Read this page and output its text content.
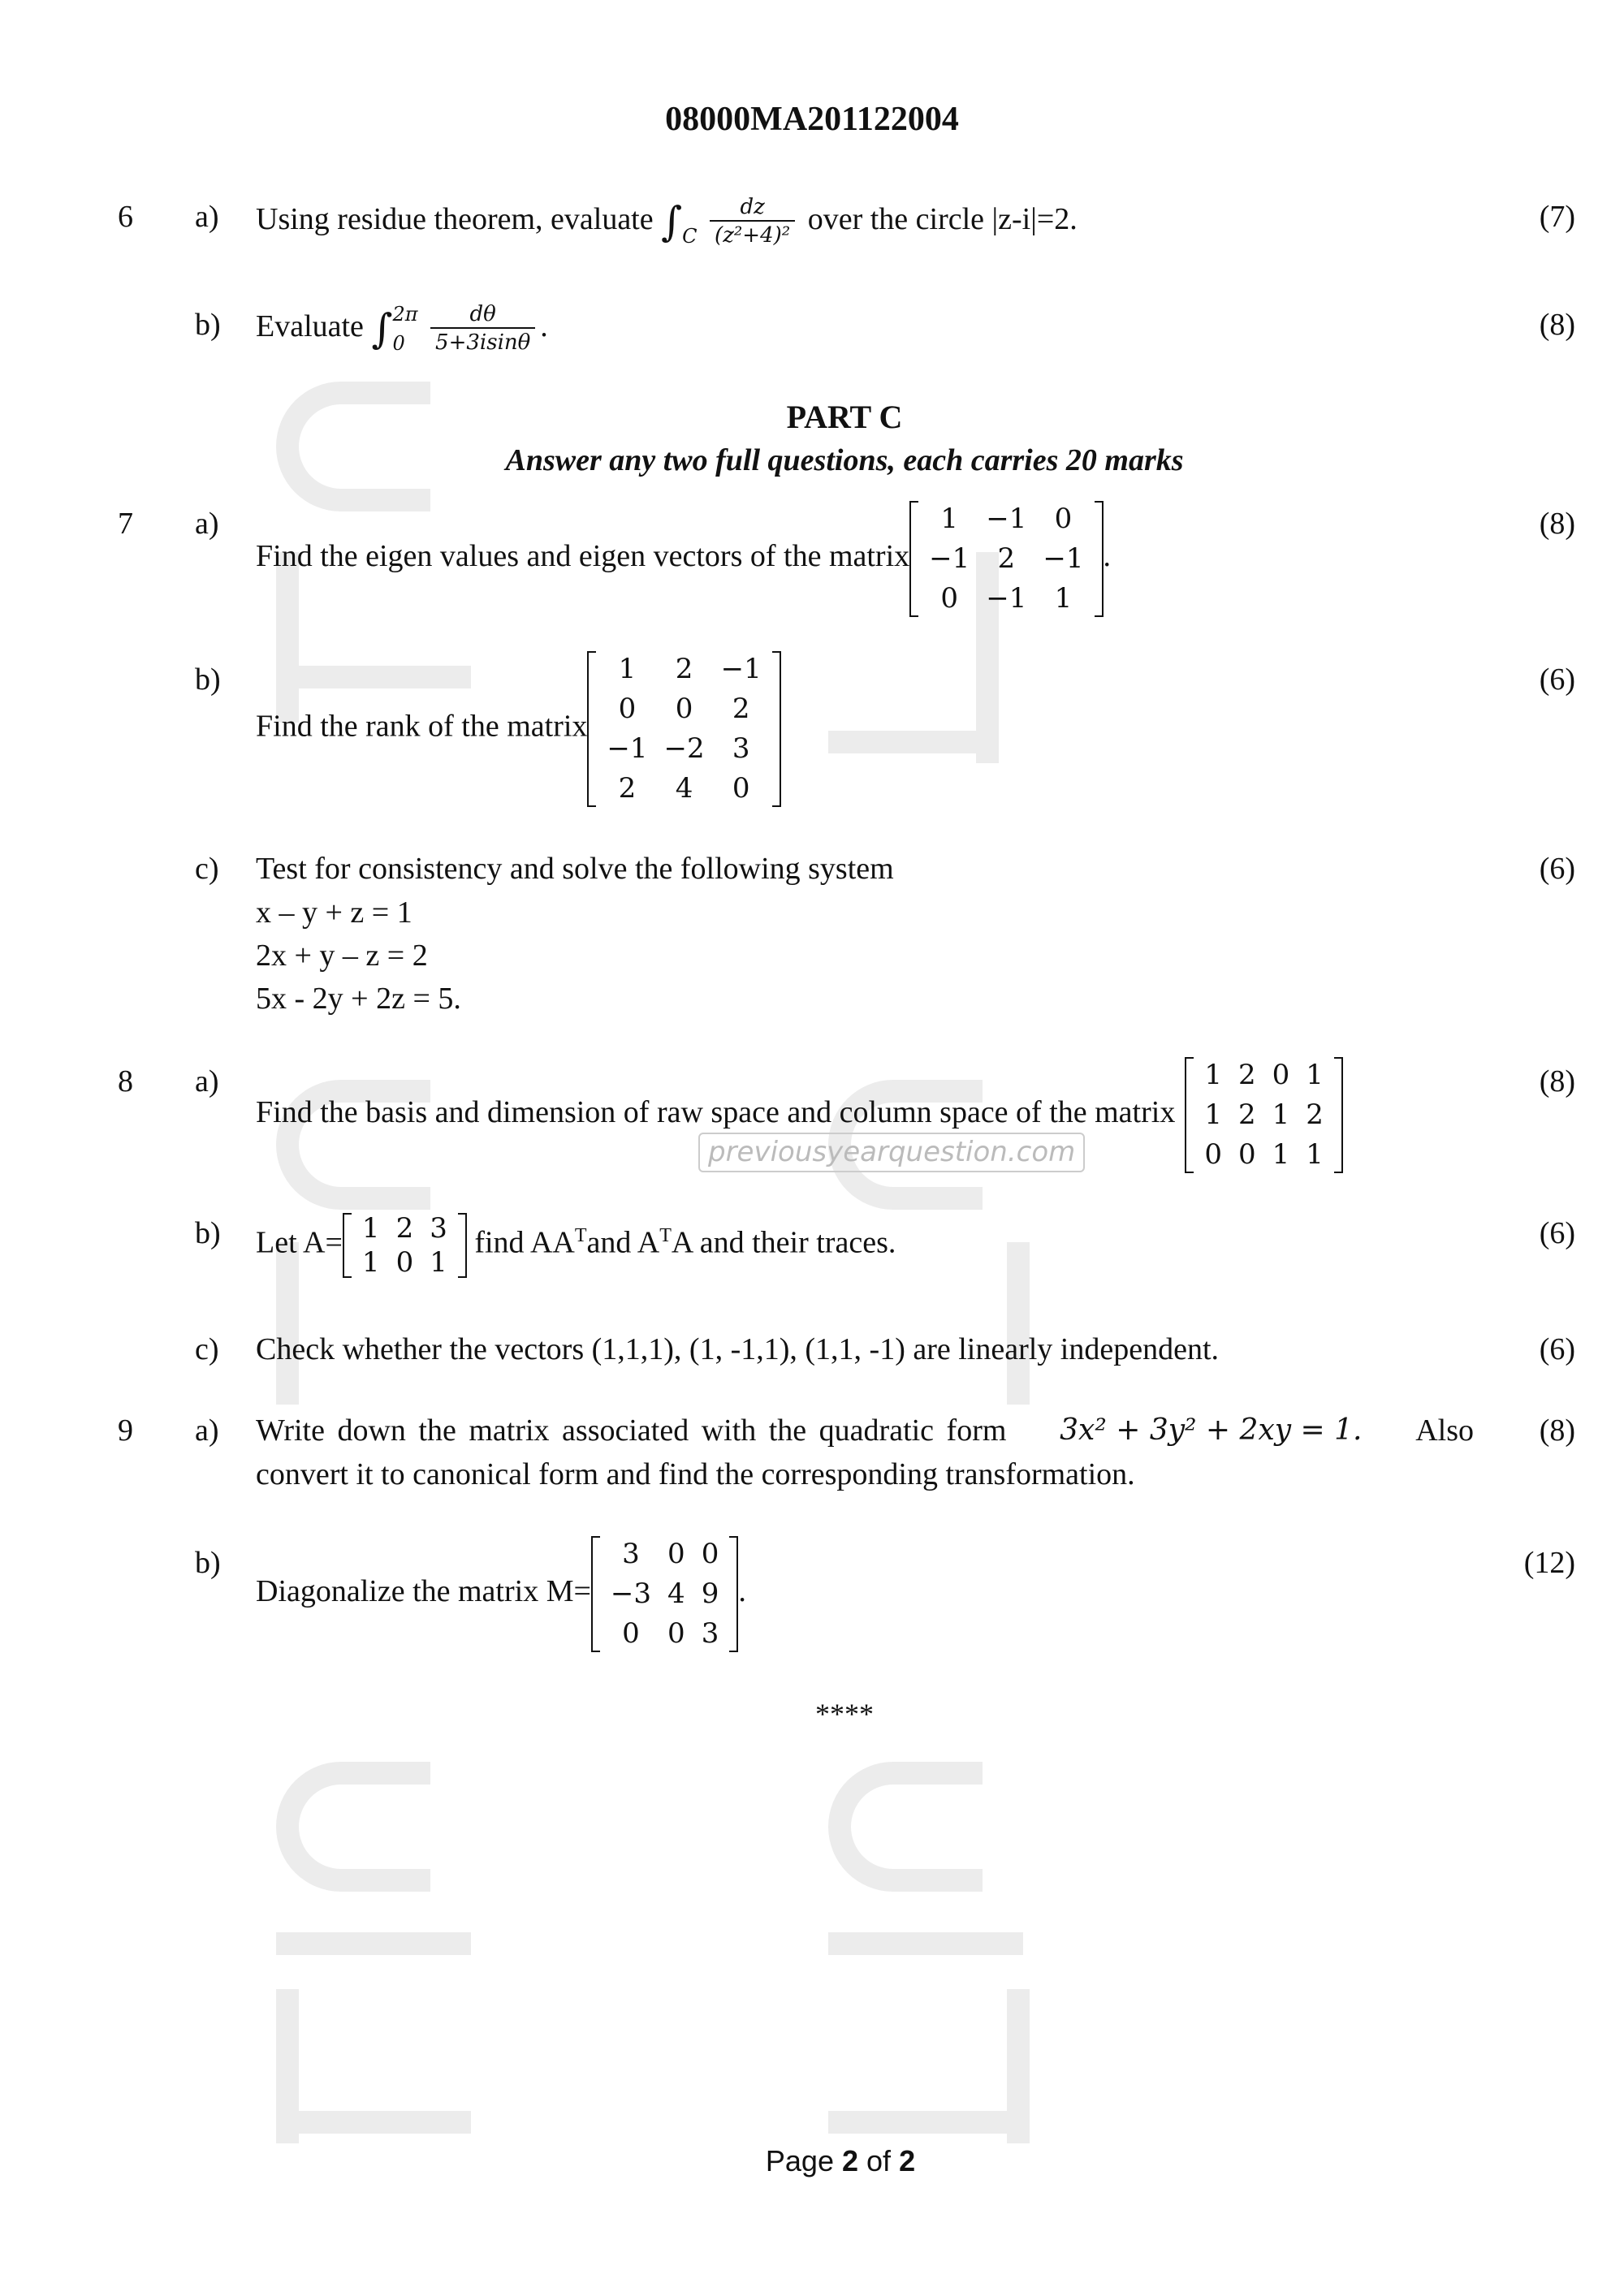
08000MA201122004
6 a) Using residue theorem, evaluate $\int C \frac{dz}{\text{(z²+4)²}}$ over the circle |z-i|=2.	(7)
b) Evaluate ∫ 2π
0
	$\frac{d\theta}{5+3isin\theta}$ .	(8)
PART C
Answer any two full questions, each carries 20 marks
7 a)
Find the eigen values and eigen vectors of the matrix
1	−1	0
−1	2	−1
0	−1	1
.
(8)
b)
Find the rank of the matrix
1	2	−1
0	0	2
−1	−2	3
2	4	0
(6)
c) Test for consistency and solve the following system
x – y + z = 1
2x + y – z = 2
5x - 2y + 2z = 5.
(6)
8 a)
Find the basis and dimension of raw space and column space of the matrix
1	2	0	1
1	2	1	2
0	0	1	1
(8)
previousyearquestion.com
b) Let A= 1	2	3
1	0	1
find $AA^Tand$ $A^TA$ and their traces.	(6)
c) Check whether the vectors (1,1,1), (1, -1,1), (1,1, -1) are linearly independent.	(6)
9 a) Write down the matrix associated with the quadratic form 3x² + 3y² + 2xy = 1. Also
convert it to canonical form and find the corresponding transformation.
(8)
b)
Diagonalize the matrix M=
3	0	0
−3	4	9
0	0	3
.
(12)
****
Page 2 of 2
